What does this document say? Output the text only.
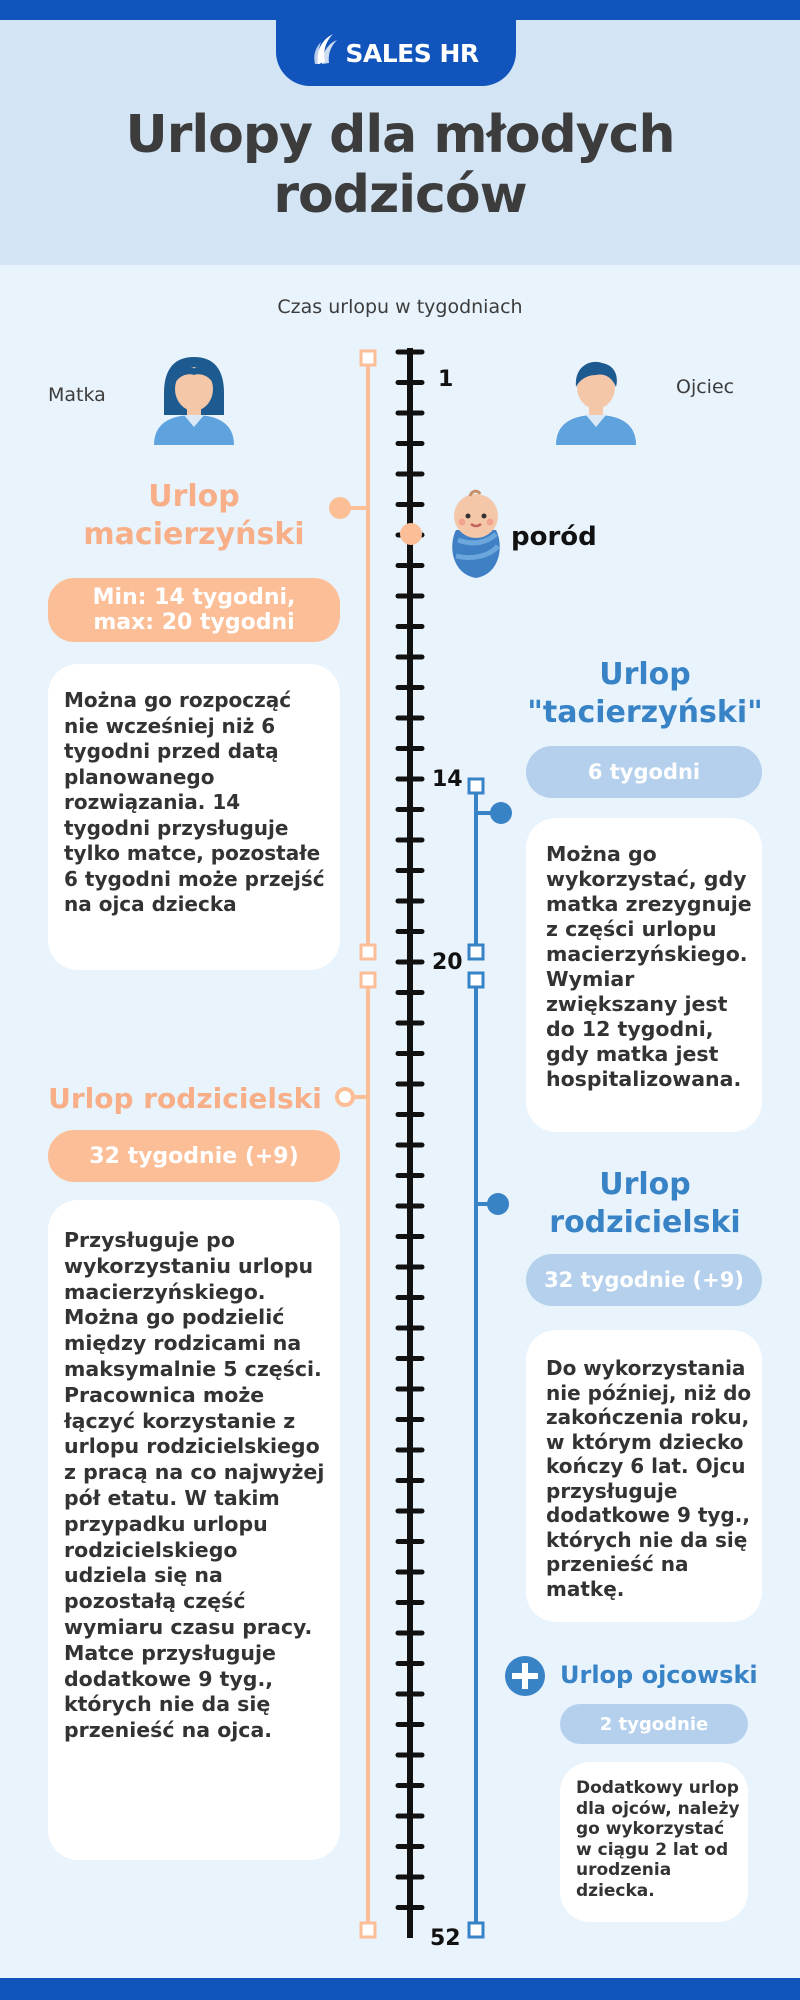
SALES HR
Urlopy dla młodych
rodziców
Czas urlopu w tygodniach
Matka	Ojciec
1
14
20
52
poród
Urlop
macierzyński
Min: 14 tygodni,
max: 20 tygodni

Można go rozpocząć nie wcześniej niż 6 tygodni przed datą planowanego rozwiązania. 14 tygodni przysługuje tylko matce, pozostałe 6 tygodni może przejść na ojca dziecka

Urlop rodzicielski
32 tygodnie (+9)

Przysługuje po wykorzystaniu urlopu macierzyńskiego. Można go podzielić między rodzicami na maksymalnie 5 części. Pracownica może łączyć korzystanie z urlopu rodzicielskiego z pracą na co najwyżej pół etatu. W takim przypadku urlopu rodzicielskiego udziela się na pozostałą część wymiaru czasu pracy. Matce przysługuje dodatkowe 9 tyg., których nie da się przenieść na ojca.

Urlop
"tacierzyński"
6 tygodni

Można go wykorzystać, gdy matka zrezygnuje z części urlopu macierzyńskiego. Wymiar zwiększany jest do 12 tygodni, gdy matka jest hospitalizowana.

Urlop
rodzicielski
32 tygodnie (+9)

Do wykorzystania nie później, niż do zakończenia roku, w którym dziecko kończy 6 lat. Ojcu przysługuje dodatkowe 9 tyg., których nie da się przenieść na matkę.

Urlop ojcowski
2 tygodnie

Dodatkowy urlop dla ojców, należy go wykorzystać w ciągu 2 lat od urodzenia dziecka.
